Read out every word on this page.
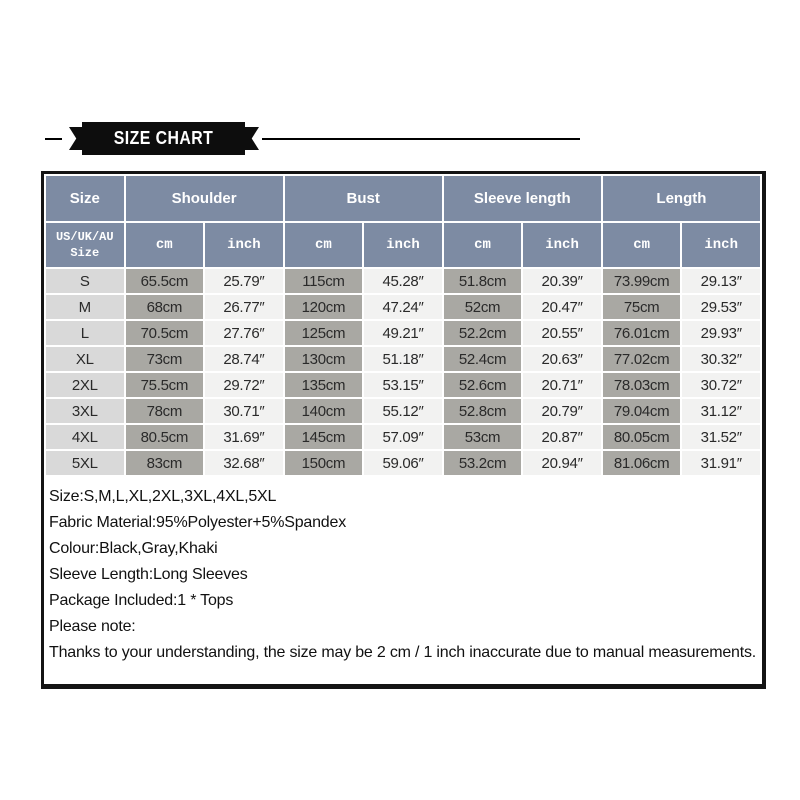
SIZE CHART
Size	Shoulder		Bust		Sleeve length		Length	
US/UK/AU Size	cm	inch	cm	inch	cm	inch	cm	inch
S	65.5cm	25.79″	115cm	45.28″	51.8cm	20.39″	73.99cm	29.13″
M	68cm	26.77″	120cm	47.24″	52cm	20.47″	75cm	29.53″
L	70.5cm	27.76″	125cm	49.21″	52.2cm	20.55″	76.01cm	29.93″
XL	73cm	28.74″	130cm	51.18″	52.4cm	20.63″	77.02cm	30.32″
2XL	75.5cm	29.72″	135cm	53.15″	52.6cm	20.71″	78.03cm	30.72″
3XL	78cm	30.71″	140cm	55.12″	52.8cm	20.79″	79.04cm	31.12″
4XL	80.5cm	31.69″	145cm	57.09″	53cm	20.87″	80.05cm	31.52″
5XL	83cm	32.68″	150cm	59.06″	53.2cm	20.94″	81.06cm	31.91″
Size:S,M,L,XL,2XL,3XL,4XL,5XL
Fabric Material:95%Polyester+5%Spandex
Colour:Black,Gray,Khaki
Sleeve Length:Long Sleeves
Package Included:1 * Tops
Please note:
Thanks to your understanding, the size may be 2 cm / 1 inch inaccurate due to manual measurements.
